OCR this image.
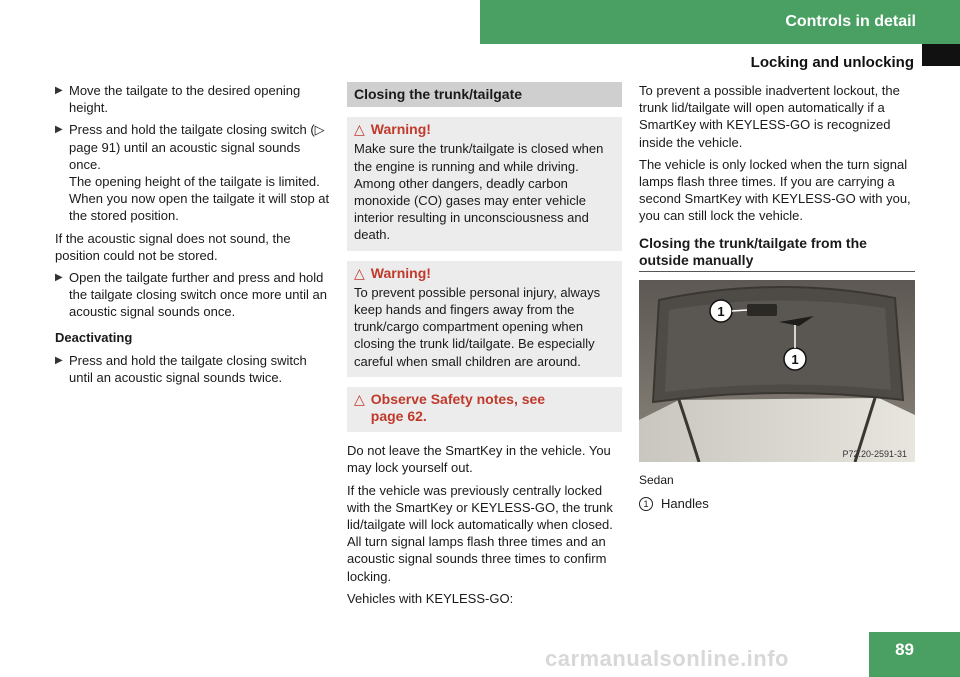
Controls in detail
Locking and unlocking
▶ Move the tailgate to the desired opening height.
▶ Press and hold the tailgate closing switch (▷ page 91) until an acoustic signal sounds once.
The opening height of the tailgate is limited. When you now open the tailgate it will stop at the stored position.

If the acoustic signal does not sound, the position could not be stored.

▶ Open the tailgate further and press and hold the tailgate closing switch once more until an acoustic signal sounds once.
Deactivating
▶ Press and hold the tailgate closing switch until an acoustic signal sounds twice.
Closing the trunk/tailgate
△ Warning!
Make sure the trunk/tailgate is closed when the engine is running and while driving. Among other dangers, deadly carbon monoxide (CO) gases may enter vehicle interior resulting in unconsciousness and death.
△ Warning!
To prevent possible personal injury, always keep hands and fingers away from the trunk/cargo compartment opening when closing the trunk lid/tailgate. Be especially careful when small children are around.
△ Observe Safety notes, see page 62.

Do not leave the SmartKey in the vehicle. You may lock yourself out.

If the vehicle was previously centrally locked with the SmartKey or KEYLESS-GO, the trunk lid/tailgate will lock automatically when closed. All turn signal lamps flash three times and an acoustic signal sounds three times to confirm locking.

Vehicles with KEYLESS-GO:

To prevent a possible inadvertent lockout, the trunk lid/tailgate will open automatically if a SmartKey with KEYLESS-GO is recognized inside the vehicle.

The vehicle is only locked when the turn signal lamps flash three times. If you are carrying a second SmartKey with KEYLESS-GO with you, you can still lock the vehicle.

Closing the trunk/tailgate from the outside manually
1
1
P72.20-2591-31
Sedan
1 Handles
carmanualsonline.info	89
